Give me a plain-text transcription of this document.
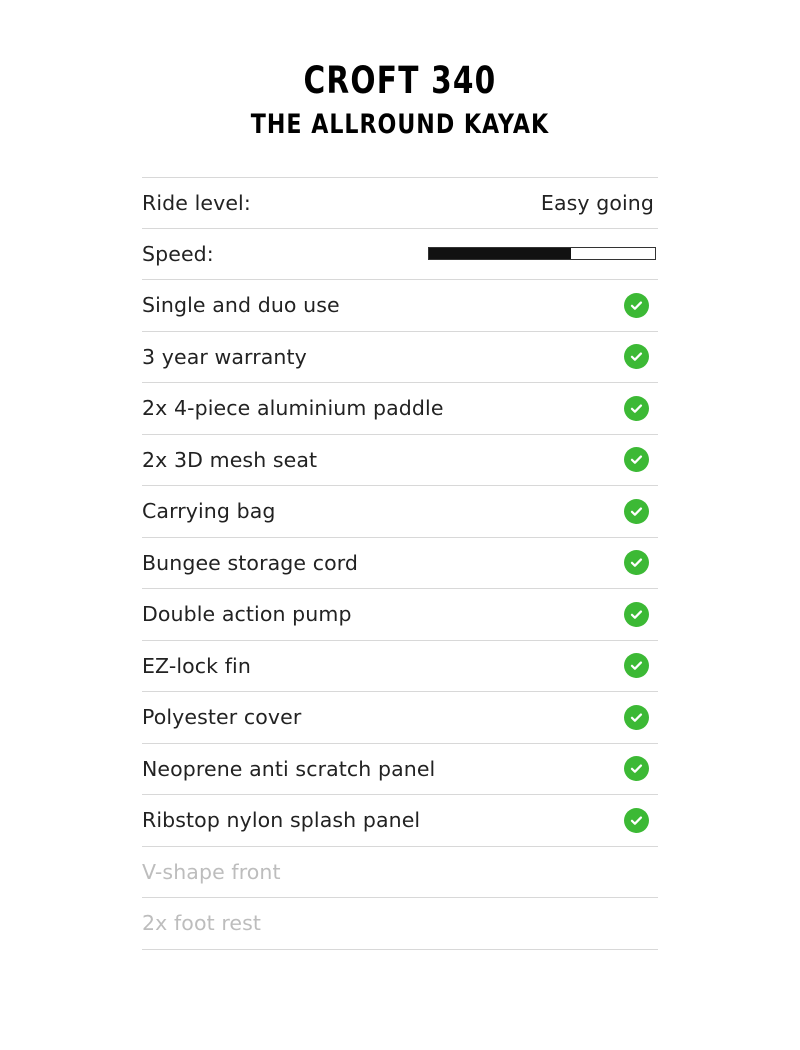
CROFT 340
THE ALLROUND KAYAK
Ride level:	Easy going
Speed:
Single and duo use
3 year warranty
2x 4-piece aluminium paddle
2x 3D mesh seat
Carrying bag
Bungee storage cord
Double action pump
EZ-lock fin
Polyester cover
Neoprene anti scratch panel
Ribstop nylon splash panel
V-shape front
2x foot rest
